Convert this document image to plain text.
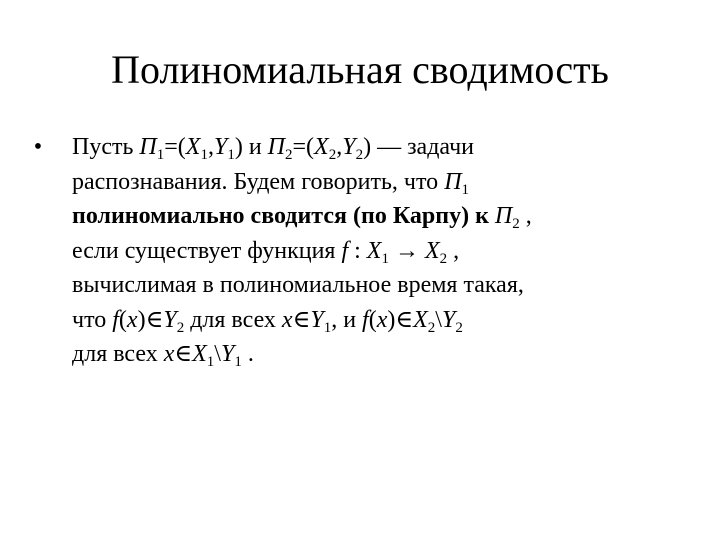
Полиномиальная сводимость
• Пусть $П_1=(X_1,Y_1)$ и $П_2=(X_2,Y_2)$ — задачи
распознавания. Будем говорить, что $П_1$
полиномиально сводится (по Карпу) к $П_2$ ,
если существует функция f : $X_1 \to X_2$ ,
вычислимая в полиномиальное время такая,
что $f(x)\in Y_2$ для всех $x\in Y_1$, и $f(x)\in X_2\backslash Y_2$
для всех $x\in X_1\backslash Y_1$ .
